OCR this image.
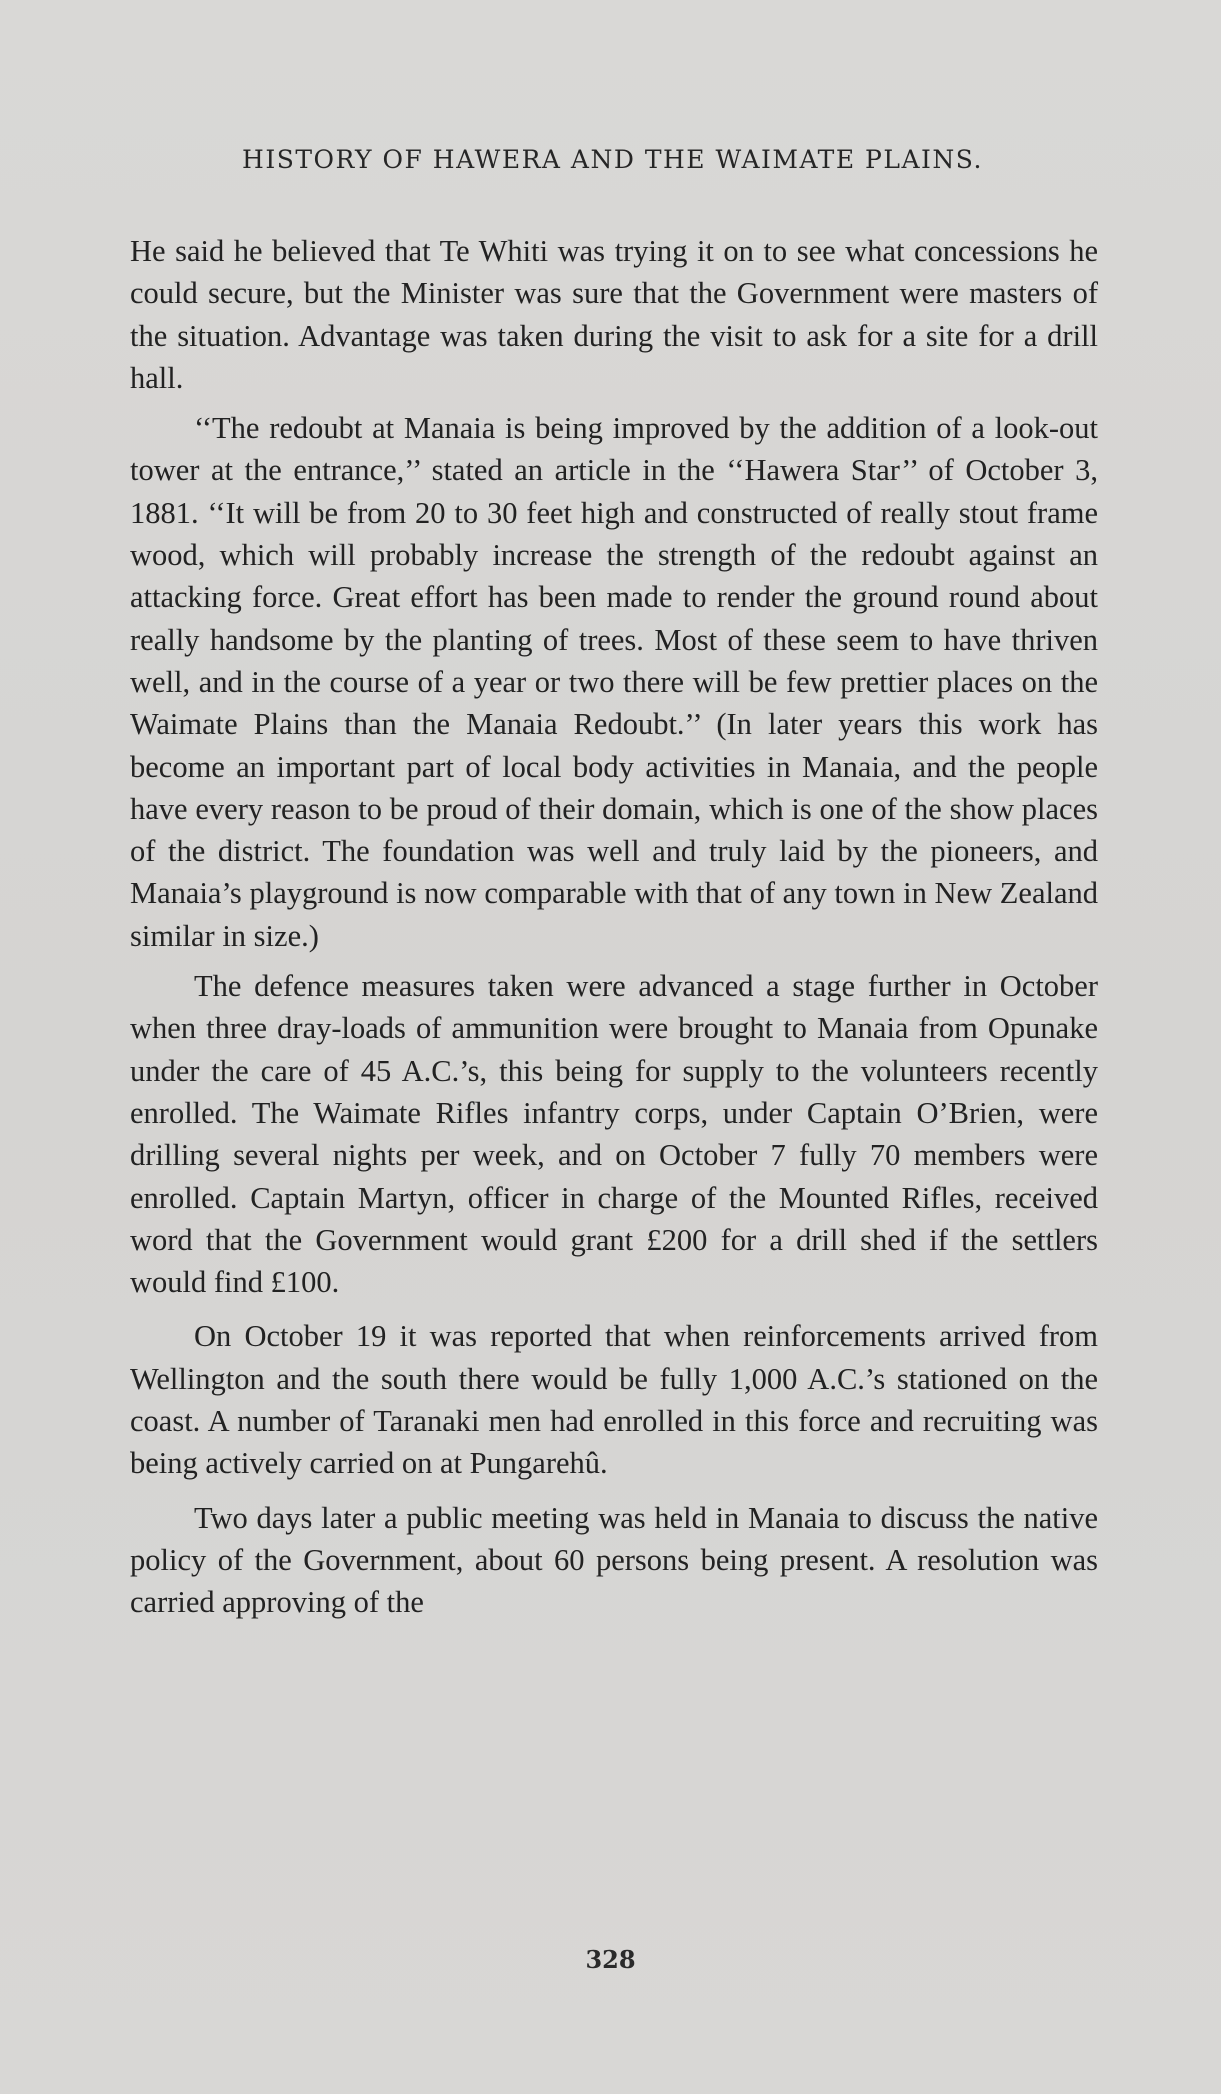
HISTORY OF HAWERA AND THE WAIMATE PLAINS.

He said he believed that Te Whiti was trying it on to see what concessions he could secure, but the Minister was sure that the Government were masters of the situation. Advantage was taken during the visit to ask for a site for a drill hall.

‘‘The redoubt at Manaia is being improved by the addition of a look-out tower at the entrance,’’ stated an article in the ‘‘Hawera Star’’ of October 3, 1881. ‘‘It will be from 20 to 30 feet high and constructed of really stout frame wood, which will probably increase the strength of the redoubt against an attacking force. Great effort has been made to render the ground round about really handsome by the planting of trees. Most of these seem to have thriven well, and in the course of a year or two there will be few prettier places on the Waimate Plains than the Manaia Redoubt.’’ (In later years this work has become an important part of local body activities in Manaia, and the people have every reason to be proud of their domain, which is one of the show places of the district. The foundation was well and truly laid by the pioneers, and Manaia’s playground is now comparable with that of any town in New Zealand similar in size.)

The defence measures taken were advanced a stage further in October when three dray-loads of ammunition were brought to Manaia from Opunake under the care of 45 A.C.’s, this being for supply to the volunteers recently enrolled. The Waimate Rifles infantry corps, under Captain O’Brien, were drilling several nights per week, and on October 7 fully 70 members were enrolled. Captain Martyn, officer in charge of the Mounted Rifles, received word that the Government would grant £200 for a drill shed if the settlers would find £100.

On October 19 it was reported that when reinforcements arrived from Wellington and the south there would be fully 1,000 A.C.’s stationed on the coast. A number of Taranaki men had enrolled in this force and recruiting was being actively carried on at Pungarehû.

Two days later a public meeting was held in Manaia to discuss the native policy of the Government, about 60 persons being present. A resolution was carried approving of the

328
